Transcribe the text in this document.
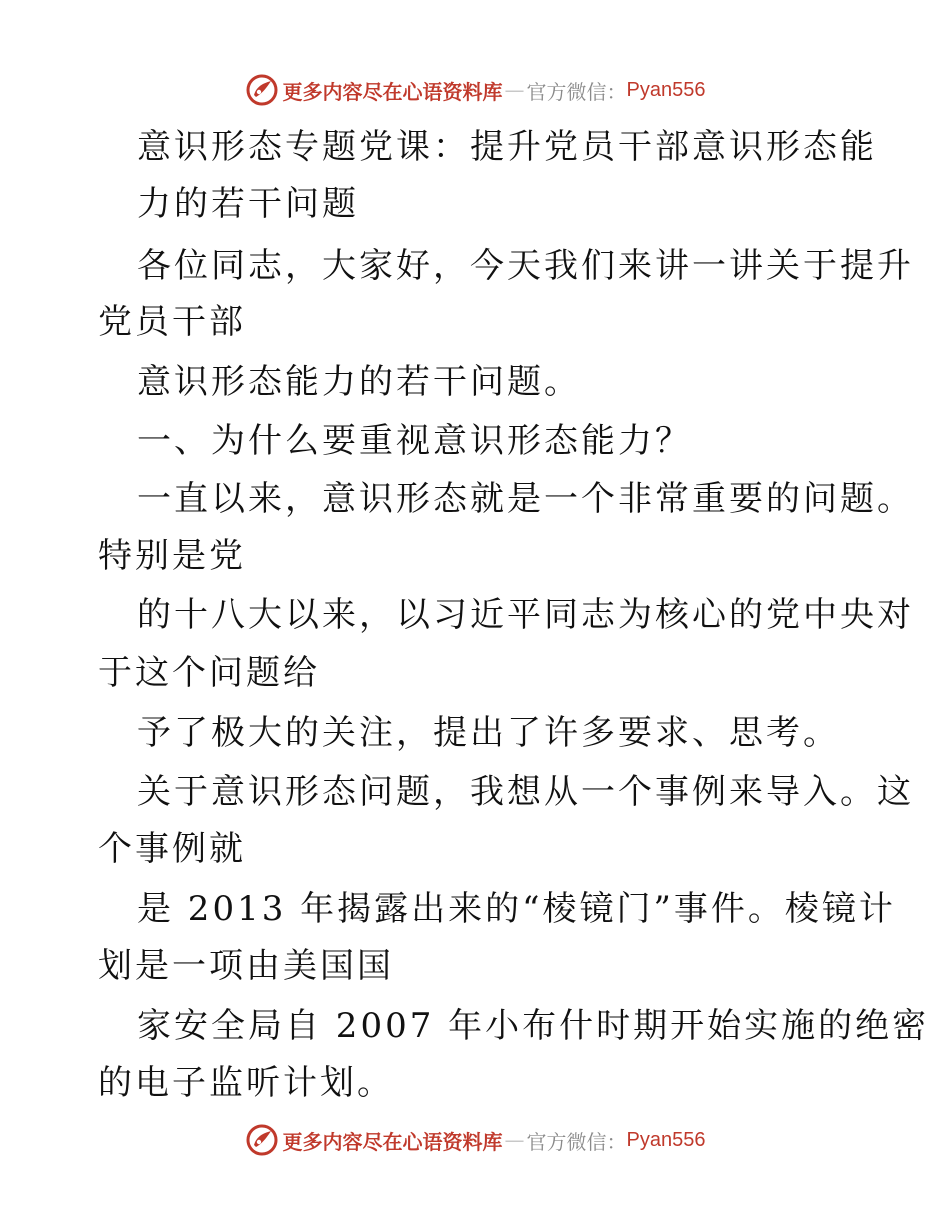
更多内容尽在心语资料库 — 官方微信： Pyan556
意识形态专题党课：提升党员干部意识形态能
力的若干问题
各位同志，大家好，今天我们来讲一讲关于提升
党员干部
意识形态能力的若干问题。
一、为什么要重视意识形态能力？
一直以来，意识形态就是一个非常重要的问题。
特别是党
的十八大以来，以习近平同志为核心的党中央对
于这个问题给
予了极大的关注，提出了许多要求、思考。
关于意识形态问题，我想从一个事例来导入。这
个事例就
是 2013 年揭露出来的“棱镜门”事件。棱镜计
划是一项由美国国
家安全局自 2007 年小布什时期开始实施的绝密
的电子监听计划。
更多内容尽在心语资料库 — 官方微信： Pyan556
